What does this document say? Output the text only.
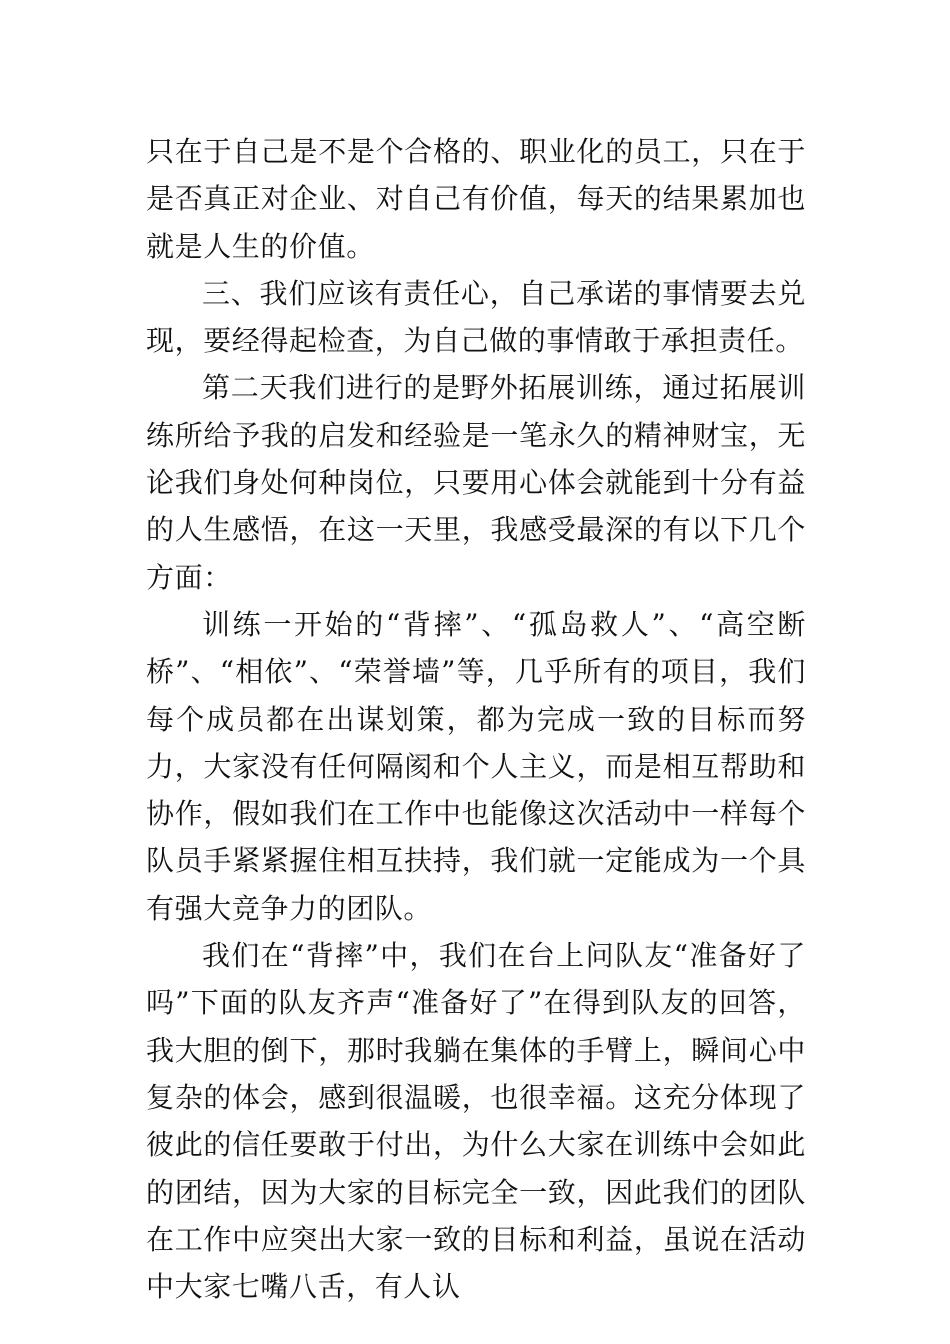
只在于自己是不是个合格的、职业化的员工，只在于是否真正对企业、对自己有价值，每天的结果累加也就是人生的价值。

三、我们应该有责任心，自己承诺的事情要去兑现，要经得起检查，为自己做的事情敢于承担责任。

第二天我们进行的是野外拓展训练，通过拓展训练所给予我的启发和经验是一笔永久的精神财宝，无论我们身处何种岗位，只要用心体会就能到十分有益的人生感悟，在这一天里，我感受最深的有以下几个方面：

训练一开始的“背摔”、“孤岛救人”、“高空断桥”、“相依”、“荣誉墙”等，几乎所有的项目，我们每个成员都在出谋划策，都为完成一致的目标而努力，大家没有任何隔阂和个人主义，而是相互帮助和协作，假如我们在工作中也能像这次活动中一样每个队员手紧紧握住相互扶持，我们就一定能成为一个具有强大竞争力的团队。

我们在“背摔”中，我们在台上问队友“准备好了吗”下面的队友齐声“准备好了”在得到队友的回答，我大胆的倒下，那时我躺在集体的手臂上，瞬间心中复杂的体会，感到很温暖，也很幸福。这充分体现了彼此的信任要敢于付出，为什么大家在训练中会如此的团结，因为大家的目标完全一致，因此我们的团队在工作中应突出大家一致的目标和利益，虽说在活动中大家七嘴八舌，有人认
